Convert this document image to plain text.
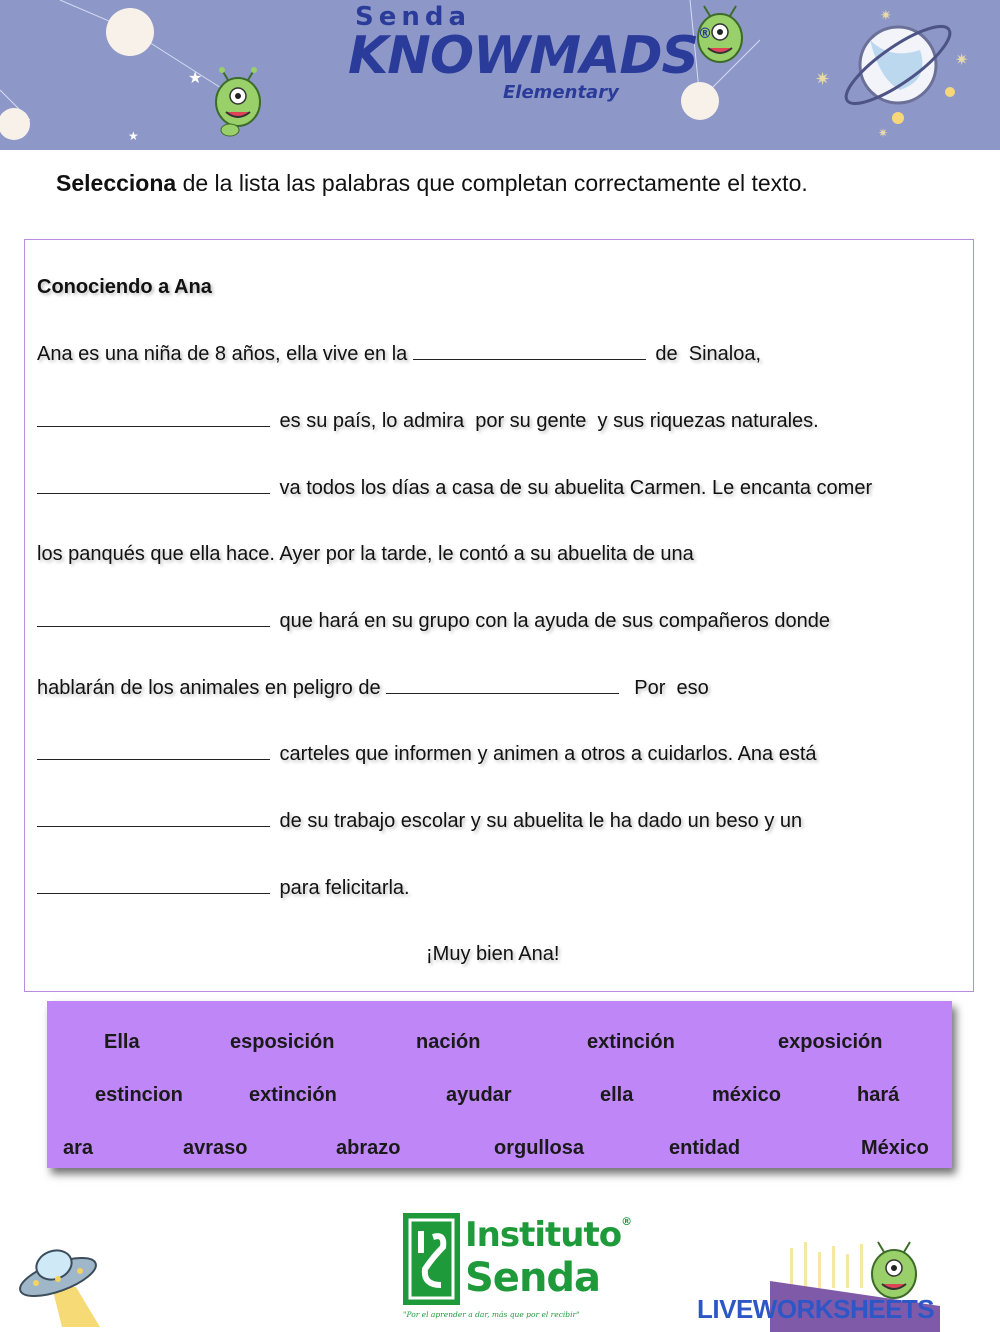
★
★
✷
✷
✷
✷
Senda
KNOWMADS®
Elementary
Selecciona de la lista las palabras que completan correctamente el texto.
Conociendo a Ana
Ana es una niña de 8 años, ella vive en la	de  Sinaloa,
es su país, lo admira  por su gente  y sus riquezas naturales.
va todos los días a casa de su abuelita Carmen. Le encanta comer
los panqués que ella hace. Ayer por la tarde, le contó a su abuelita de una
que hará en su grupo con la ayuda de sus compañeros donde
hablarán de los animales en peligro de	Por  eso
carteles que informen y animen a otros a cuidarlos. Ana está
de su trabajo escolar y su abuelita le ha dado un beso y un
para felicitarla.
¡Muy bien Ana!
Ella	esposición	nación	extinción	exposición
estincion	extinción	ayudar	ella	méxico	hará
ara	avraso	abrazo	orgullosa	entidad	México
Instituto®
Senda
"Por el aprender a dar, más que por el recibir"	LIVEWORKSHEETS
